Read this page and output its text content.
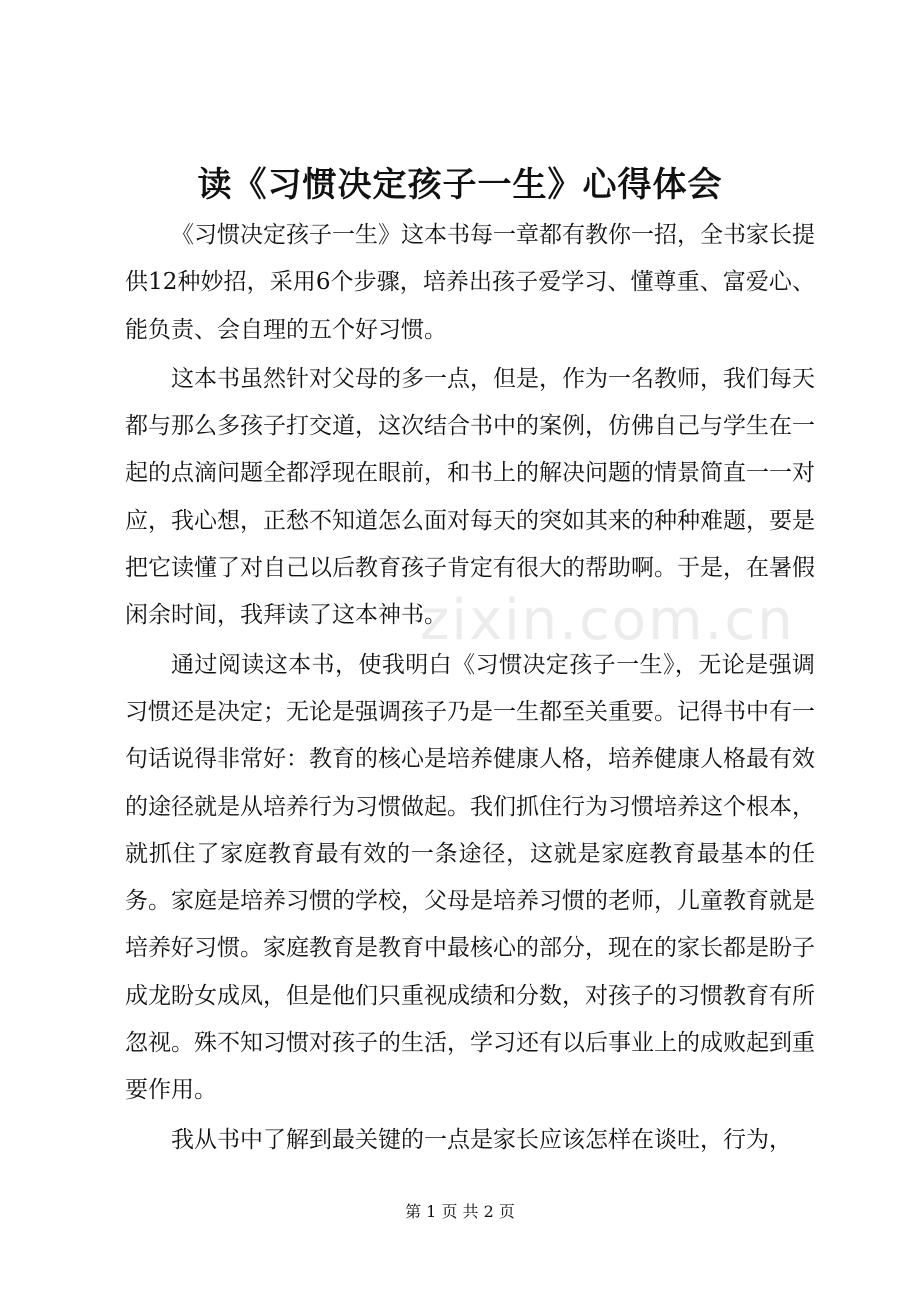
读《习惯决定孩子一生》心得体会

《习惯决定孩子一生》这本书每一章都有教你一招，全书家长提供12种妙招，采用6个步骤，培养出孩子爱学习、懂尊重、富爱心、能负责、会自理的五个好习惯。

这本书虽然针对父母的多一点，但是，作为一名教师，我们每天都与那么多孩子打交道，这次结合书中的案例，仿佛自己与学生在一起的点滴问题全都浮现在眼前，和书上的解决问题的情景简直一一对应，我心想，正愁不知道怎么面对每天的突如其来的种种难题，要是把它读懂了对自己以后教育孩子肯定有很大的帮助啊。于是，在暑假闲余时间，我拜读了这本神书。

通过阅读这本书，使我明白《习惯决定孩子一生》，无论是强调习惯还是决定；无论是强调孩子乃是一生都至关重要。记得书中有一句话说得非常好：教育的核心是培养健康人格，培养健康人格最有效的途径就是从培养行为习惯做起。我们抓住行为习惯培养这个根本，就抓住了家庭教育最有效的一条途径，这就是家庭教育最基本的任务。家庭是培养习惯的学校，父母是培养习惯的老师，儿童教育就是培养好习惯。家庭教育是教育中最核心的部分，现在的家长都是盼子成龙盼女成凤，但是他们只重视成绩和分数，对孩子的习惯教育有所忽视。殊不知习惯对孩子的生活，学习还有以后事业上的成败起到重要作用。

我从书中了解到最关键的一点是家长应该怎样在谈吐，行为，

zixin.com.cn
第 1 页 共 2 页
